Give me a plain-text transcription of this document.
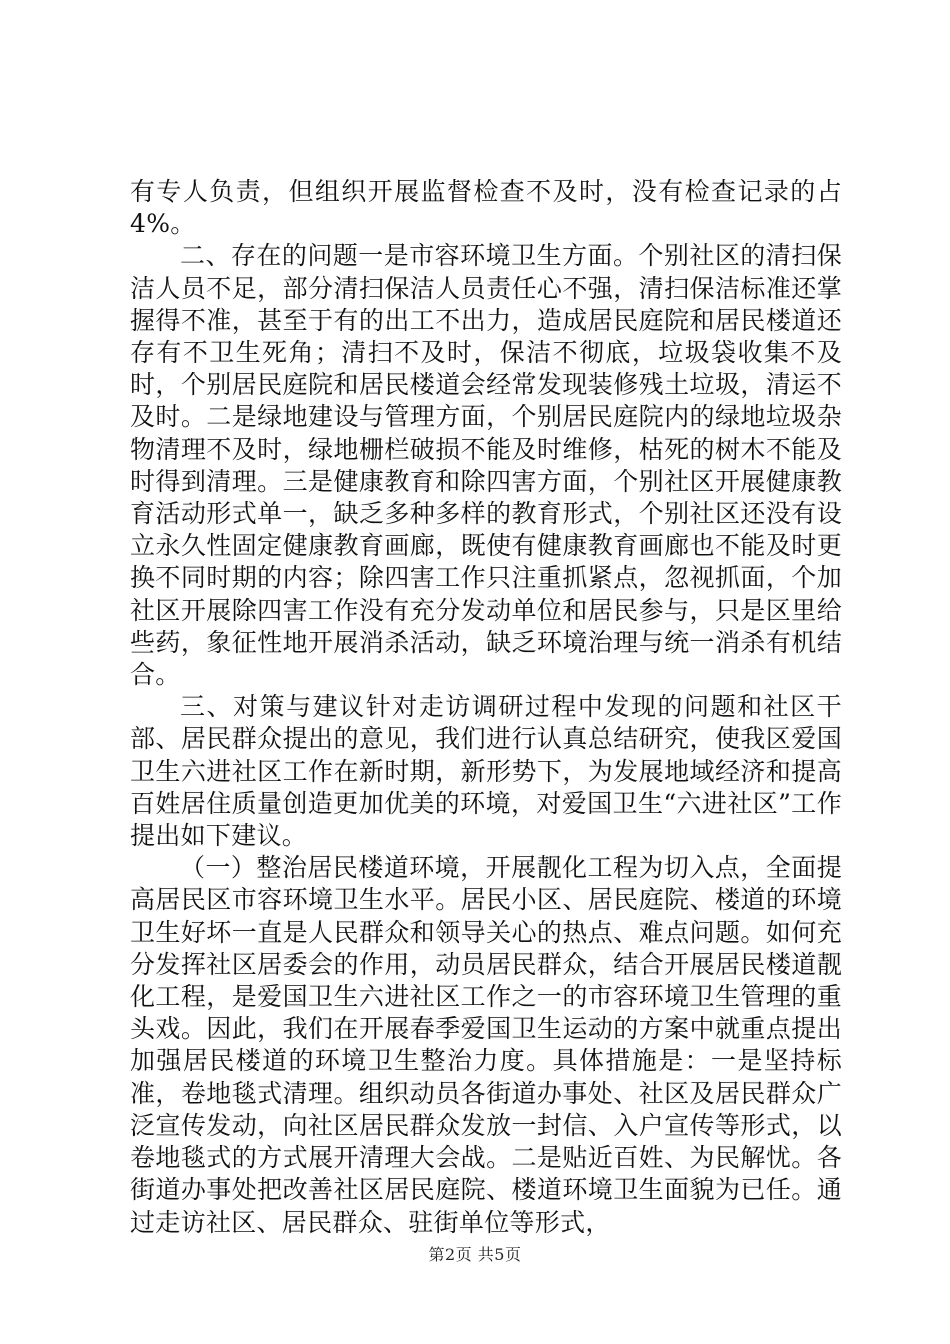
有专人负责，但组织开展监督检查不及时，没有检查记录的占4%。

二、存在的问题一是市容环境卫生方面。个别社区的清扫保洁人员不足，部分清扫保洁人员责任心不强，清扫保洁标准还掌握得不准，甚至于有的出工不出力，造成居民庭院和居民楼道还存有不卫生死角；清扫不及时，保洁不彻底，垃圾袋收集不及时，个别居民庭院和居民楼道会经常发现装修残土垃圾，清运不及时。二是绿地建设与管理方面，个别居民庭院内的绿地垃圾杂物清理不及时，绿地栅栏破损不能及时维修，枯死的树木不能及时得到清理。三是健康教育和除四害方面，个别社区开展健康教育活动形式单一，缺乏多种多样的教育形式，个别社区还没有设立永久性固定健康教育画廊，既使有健康教育画廊也不能及时更换不同时期的内容；除四害工作只注重抓紧点，忽视抓面，个加社区开展除四害工作没有充分发动单位和居民参与，只是区里给些药，象征性地开展消杀活动，缺乏环境治理与统一消杀有机结合。

三、对策与建议针对走访调研过程中发现的问题和社区干部、居民群众提出的意见，我们进行认真总结研究，使我区爱国卫生六进社区工作在新时期，新形势下，为发展地域经济和提高百姓居住质量创造更加优美的环境，对爱国卫生“六进社区”工作提出如下建议。

（一）整治居民楼道环境，开展靓化工程为切入点，全面提高居民区市容环境卫生水平。居民小区、居民庭院、楼道的环境卫生好坏一直是人民群众和领导关心的热点、难点问题。如何充分发挥社区居委会的作用，动员居民群众，结合开展居民楼道靓化工程，是爱国卫生六进社区工作之一的市容环境卫生管理的重头戏。因此，我们在开展春季爱国卫生运动的方案中就重点提出加强居民楼道的环境卫生整治力度。具体措施是：一是坚持标准，卷地毯式清理。组织动员各街道办事处、社区及居民群众广泛宣传发动，向社区居民群众发放一封信、入户宣传等形式，以卷地毯式的方式展开清理大会战。二是贴近百姓、为民解忧。各街道办事处把改善社区居民庭院、楼道环境卫生面貌为已任。通过走访社区、居民群众、驻街单位等形式，

第2页 共5页
